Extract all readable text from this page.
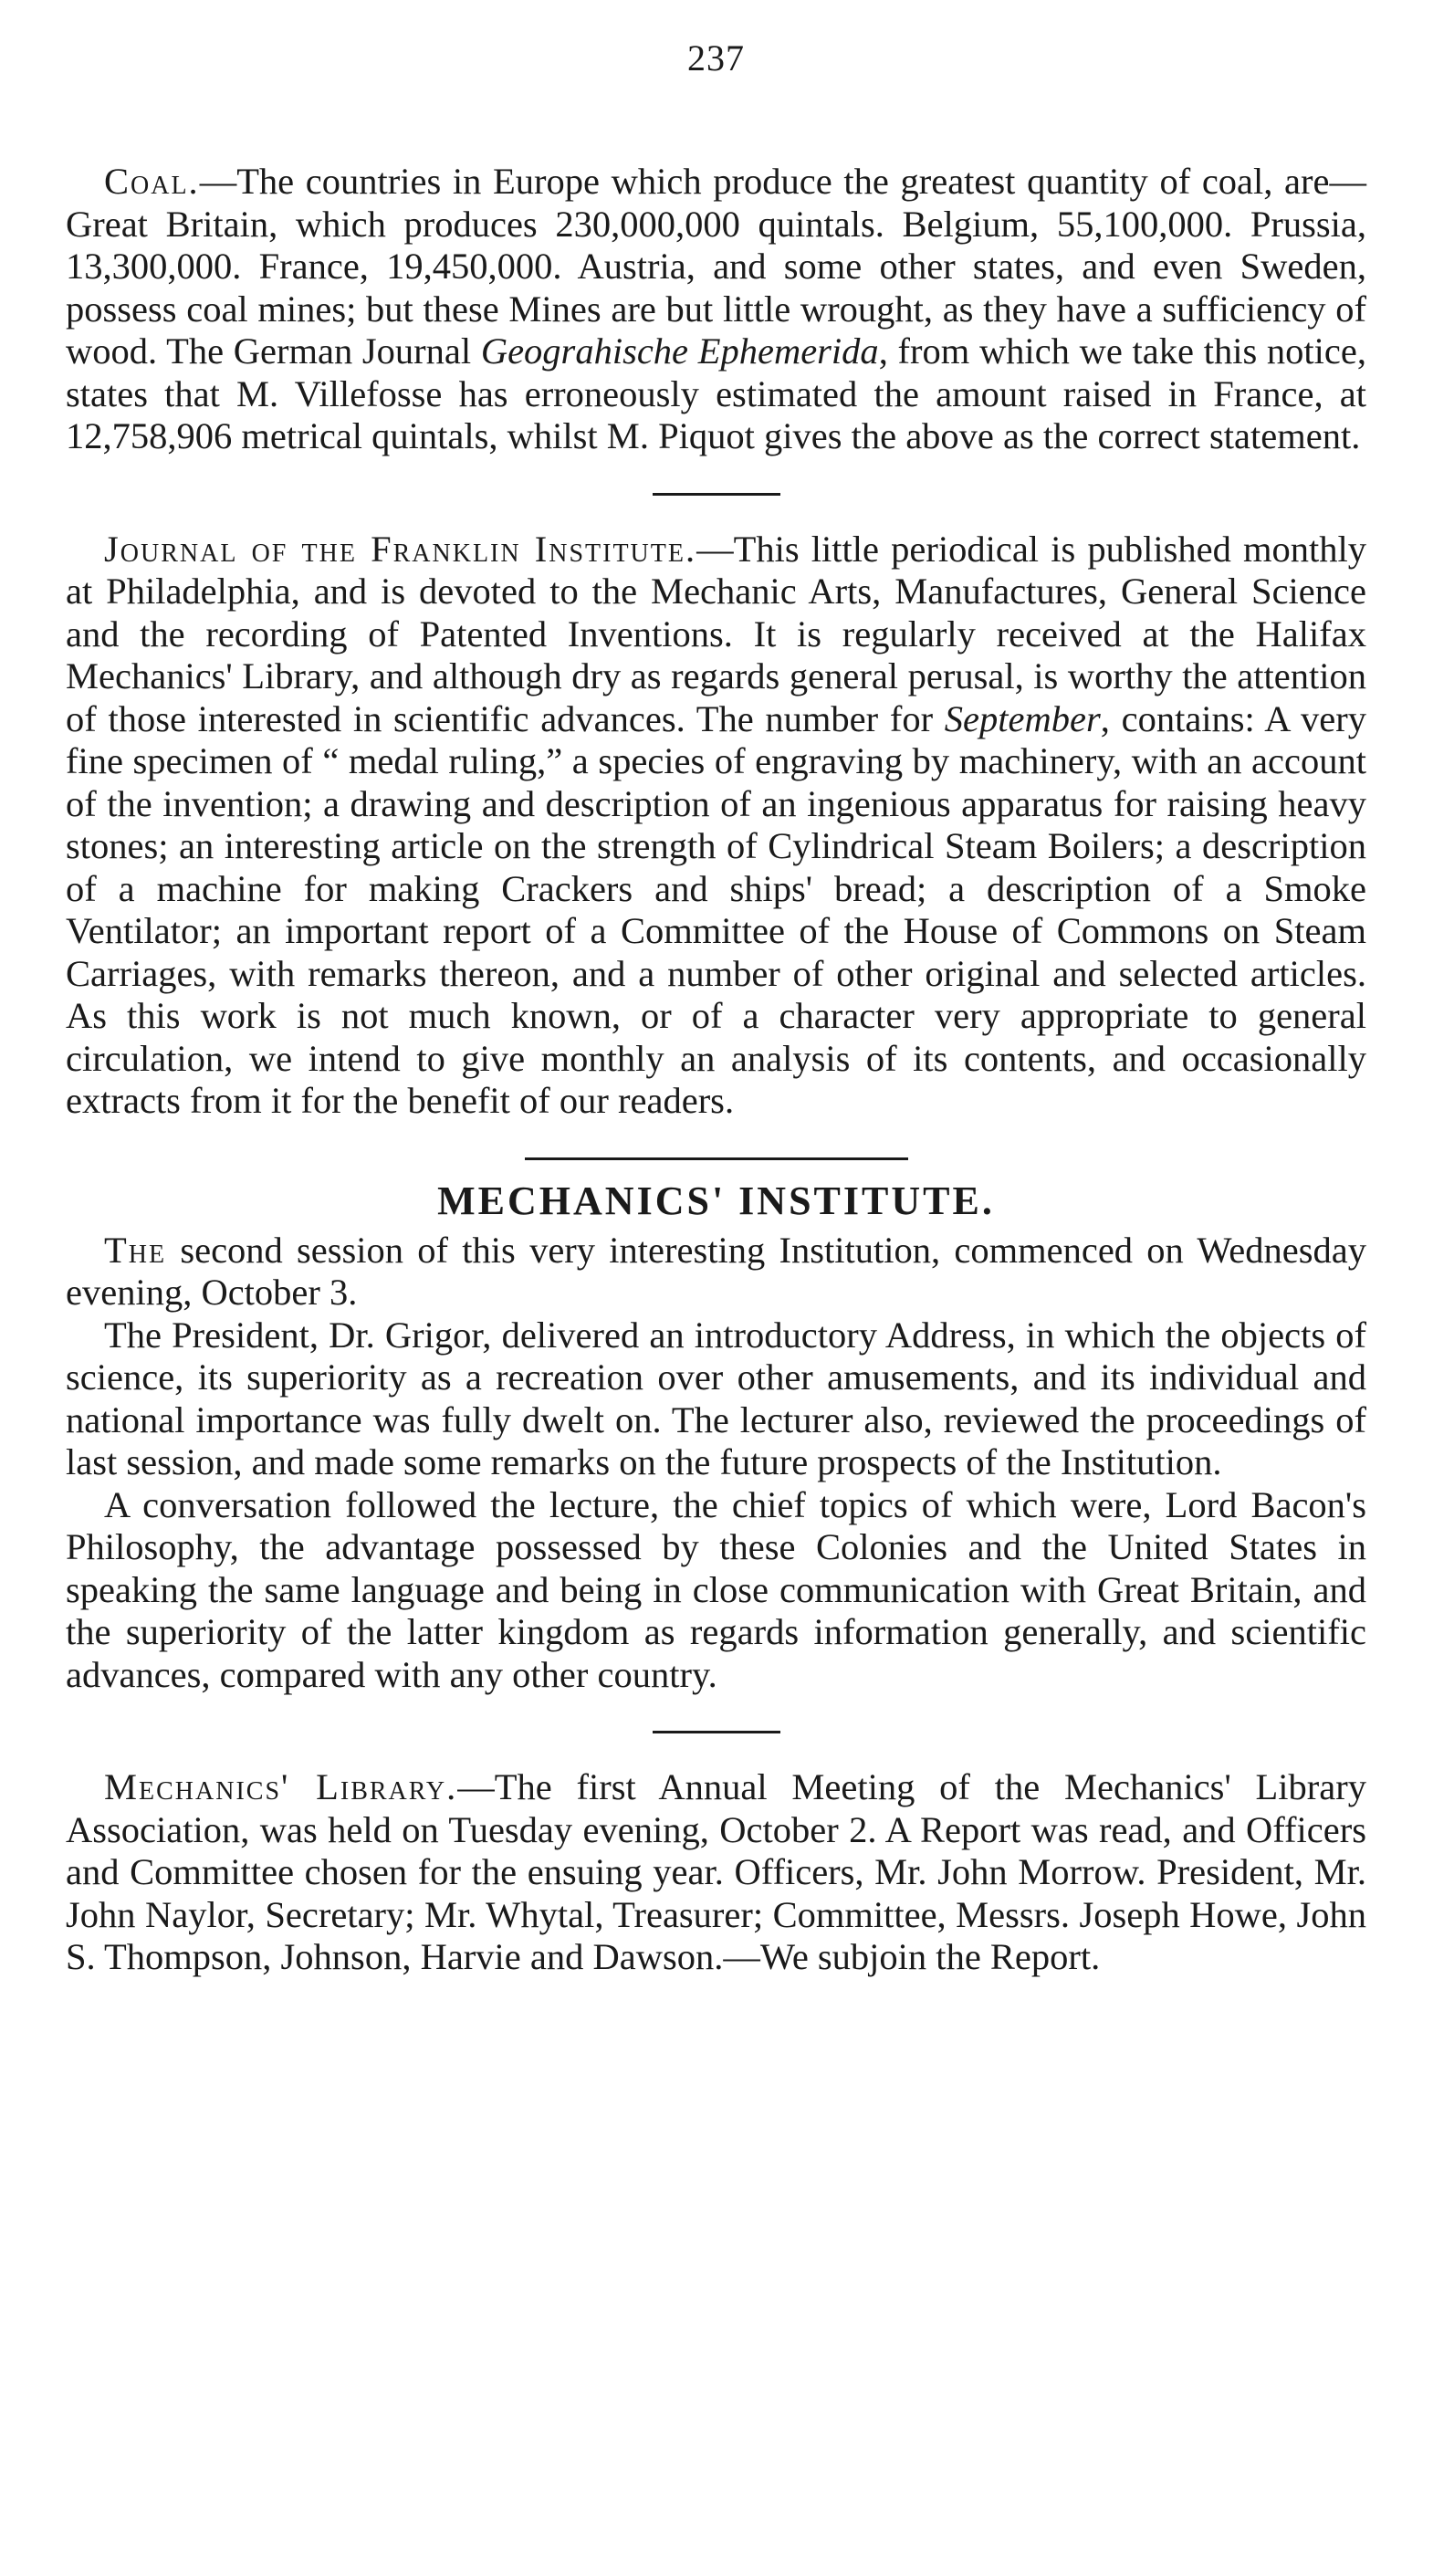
237

Coal.—The countries in Europe which produce the greatest quantity of coal, are—Great Britain, which produces 230,000,000 quintals. Belgium, 55,100,000. Prussia, 13,300,000. France, 19,450,000. Austria, and some other states, and even Sweden, possess coal mines; but these Mines are but little wrought, as they have a sufficiency of wood. The German Journal Geograhische Ephemerida, from which we take this notice, states that M. Villefosse has erroneously estimated the amount raised in France, at 12,758,906 metrical quintals, whilst M. Piquot gives the above as the correct statement.

Journal of the Franklin Institute.—This little periodical is published monthly at Philadelphia, and is devoted to the Mechanic Arts, Manufactures, General Science and the recording of Patented Inventions. It is regularly received at the Halifax Mechanics' Library, and although dry as regards general perusal, is worthy the attention of those interested in scientific advances. The number for September, contains: A very fine specimen of “ medal ruling,” a species of engraving by machinery, with an account of the invention; a drawing and description of an ingenious apparatus for raising heavy stones; an interesting article on the strength of Cylindrical Steam Boilers; a description of a machine for making Crackers and ships' bread; a description of a Smoke Ventilator; an important report of a Committee of the House of Commons on Steam Carriages, with remarks thereon, and a number of other original and selected articles. As this work is not much known, or of a character very appropriate to general circulation, we intend to give monthly an analysis of its contents, and occasionally extracts from it for the benefit of our readers.

MECHANICS' INSTITUTE.

The second session of this very interesting Institution, commenced on Wednesday evening, October 3.

The President, Dr. Grigor, delivered an introductory Address, in which the objects of science, its superiority as a recreation over other amusements, and its individual and national importance was fully dwelt on. The lecturer also, reviewed the proceedings of last session, and made some remarks on the future prospects of the Institution.

A conversation followed the lecture, the chief topics of which were, Lord Bacon's Philosophy, the advantage possessed by these Colonies and the United States in speaking the same language and being in close communication with Great Britain, and the superiority of the latter kingdom as regards information generally, and scientific advances, compared with any other country.

Mechanics' Library.—The first Annual Meeting of the Mechanics' Library Association, was held on Tuesday evening, October 2. A Report was read, and Officers and Committee chosen for the ensuing year. Officers, Mr. John Morrow. President, Mr. John Naylor, Secretary; Mr. Whytal, Treasurer; Committee, Messrs. Joseph Howe, John S. Thompson, Johnson, Harvie and Dawson.—We subjoin the Report.
